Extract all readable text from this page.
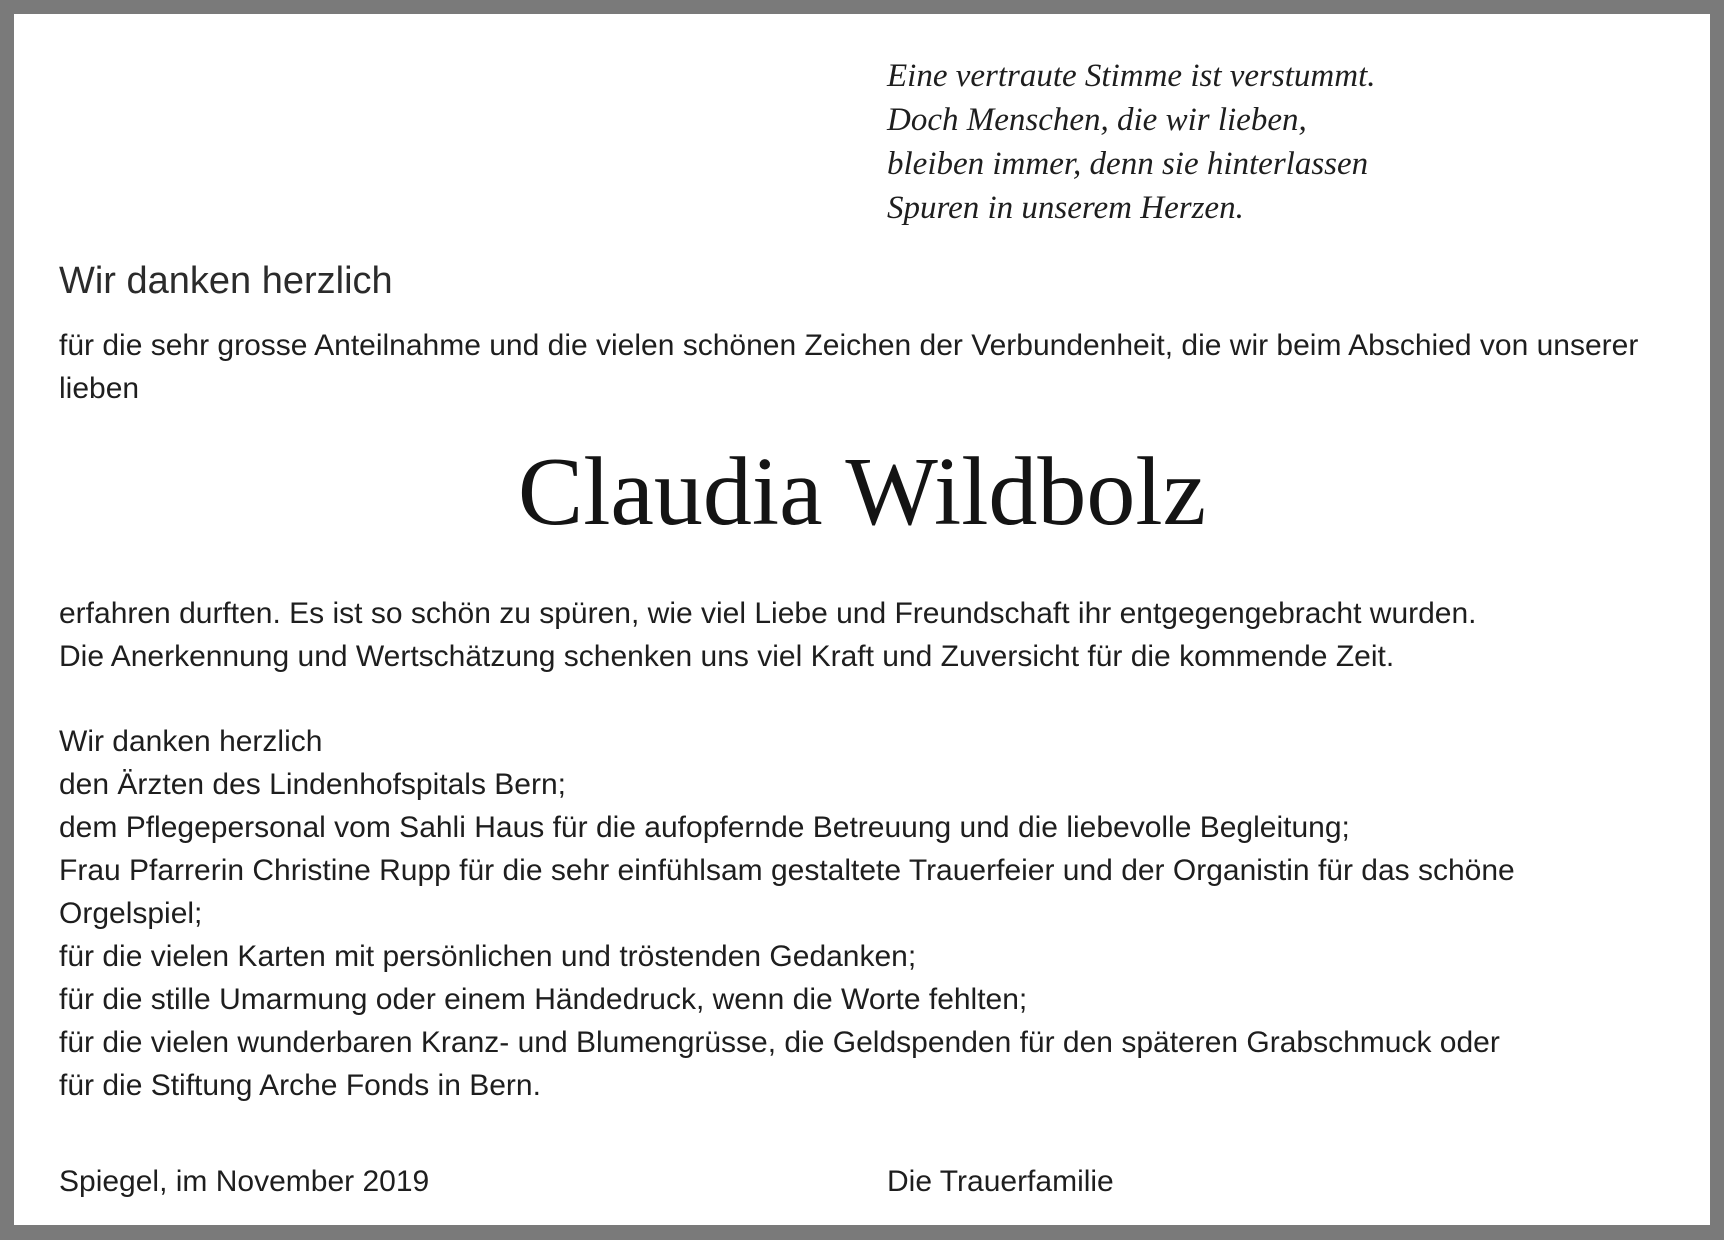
Eine vertraute Stimme ist verstummt.
Doch Menschen, die wir lieben,
bleiben immer, denn sie hinterlassen
Spuren in unserem Herzen.
Wir danken herzlich
für die sehr grosse Anteilnahme und die vielen schönen Zeichen der Verbundenheit, die wir beim Abschied von unserer lieben
Claudia Wildbolz
erfahren durften. Es ist so schön zu spüren, wie viel Liebe und Freundschaft ihr entgegengebracht wurden.
Die Anerkennung und Wertschätzung schenken uns viel Kraft und Zuversicht für die kommende Zeit.
Wir danken herzlich
den Ärzten des Lindenhofspitals Bern;
dem Pflegepersonal vom Sahli Haus für die aufopfernde Betreuung und die liebevolle Begleitung;
Frau Pfarrerin Christine Rupp für die sehr einfühlsam gestaltete Trauerfeier und der Organistin für das schöne
Orgelspiel;
für die vielen Karten mit persönlichen und tröstenden Gedanken;
für die stille Umarmung oder einem Händedruck, wenn die Worte fehlten;
für die vielen wunderbaren Kranz- und Blumengrüsse, die Geldspenden für den späteren Grabschmuck oder
für die Stiftung Arche Fonds in Bern.
Spiegel, im November 2019	Die Trauerfamilie
